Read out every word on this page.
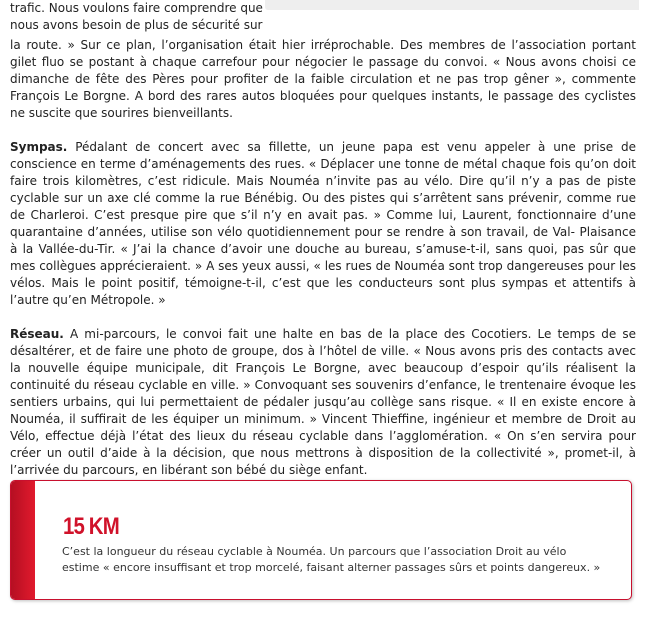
trafic. Nous voulons faire comprendre que
nous avons besoin de plus de sécurité sur

la route. » Sur ce plan, l’organisation était hier irréprochable. Des membres de l’association portant gilet fluo se postant à chaque carrefour pour négocier le passage du convoi. « Nous avons choisi ce dimanche de fête des Pères pour profiter de la faible circulation et ne pas trop gêner », commente François Le Borgne. A bord des rares autos bloquées pour quelques instants, le passage des cyclistes ne suscite que sourires bienveillants.

Sympas. Pédalant de concert avec sa fillette, un jeune papa est venu appeler à une prise de conscience en terme d’aménagements des rues. « Déplacer une tonne de métal chaque fois qu’on doit faire trois kilomètres, c’est ridicule. Mais Nouméa n’invite pas au vélo. Dire qu’il n’y a pas de piste cyclable sur un axe clé comme la rue Bénébig. Ou des pistes qui s’arrêtent sans prévenir, comme rue de Charleroi. C’est presque pire que s’il n’y en avait pas. » Comme lui, Laurent, fonctionnaire d’une quarantaine d’années, utilise son vélo quotidiennement pour se rendre à son travail, de Val- Plaisance à la Vallée-du-Tir. « J’ai la chance d’avoir une douche au bureau, s’amuse-t-il, sans quoi, pas sûr que mes collègues apprécieraient. » A ses yeux aussi, « les rues de Nouméa sont trop dangereuses pour les vélos. Mais le point positif, témoigne-t-il, c’est que les conducteurs sont plus sympas et attentifs à l’autre qu’en Métropole. »

Réseau. A mi-parcours, le convoi fait une halte en bas de la place des Cocotiers. Le temps de se désaltérer, et de faire une photo de groupe, dos à l’hôtel de ville. « Nous avons pris des contacts avec la nouvelle équipe municipale, dit François Le Borgne, avec beaucoup d’espoir qu’ils réalisent la continuité du réseau cyclable en ville. » Convoquant ses souvenirs d’enfance, le trentenaire évoque les sentiers urbains, qui lui permettaient de pédaler jusqu’au collège sans risque. « Il en existe encore à Nouméa, il suffirait de les équiper un minimum. » Vincent Thieffine, ingénieur et membre de Droit au Vélo, effectue déjà l’état des lieux du réseau cyclable dans l’agglomération. « On s’en servira pour créer un outil d’aide à la décision, que nous mettrons à disposition de la collectivité », promet-il, à l’arrivée du parcours, en libérant son bébé du siège enfant.

15 KM
C’est la longueur du réseau cyclable à Nouméa. Un parcours que l’association Droit au vélo estime « encore insuffisant et trop morcelé, faisant alterner passages sûrs et points dangereux. »
